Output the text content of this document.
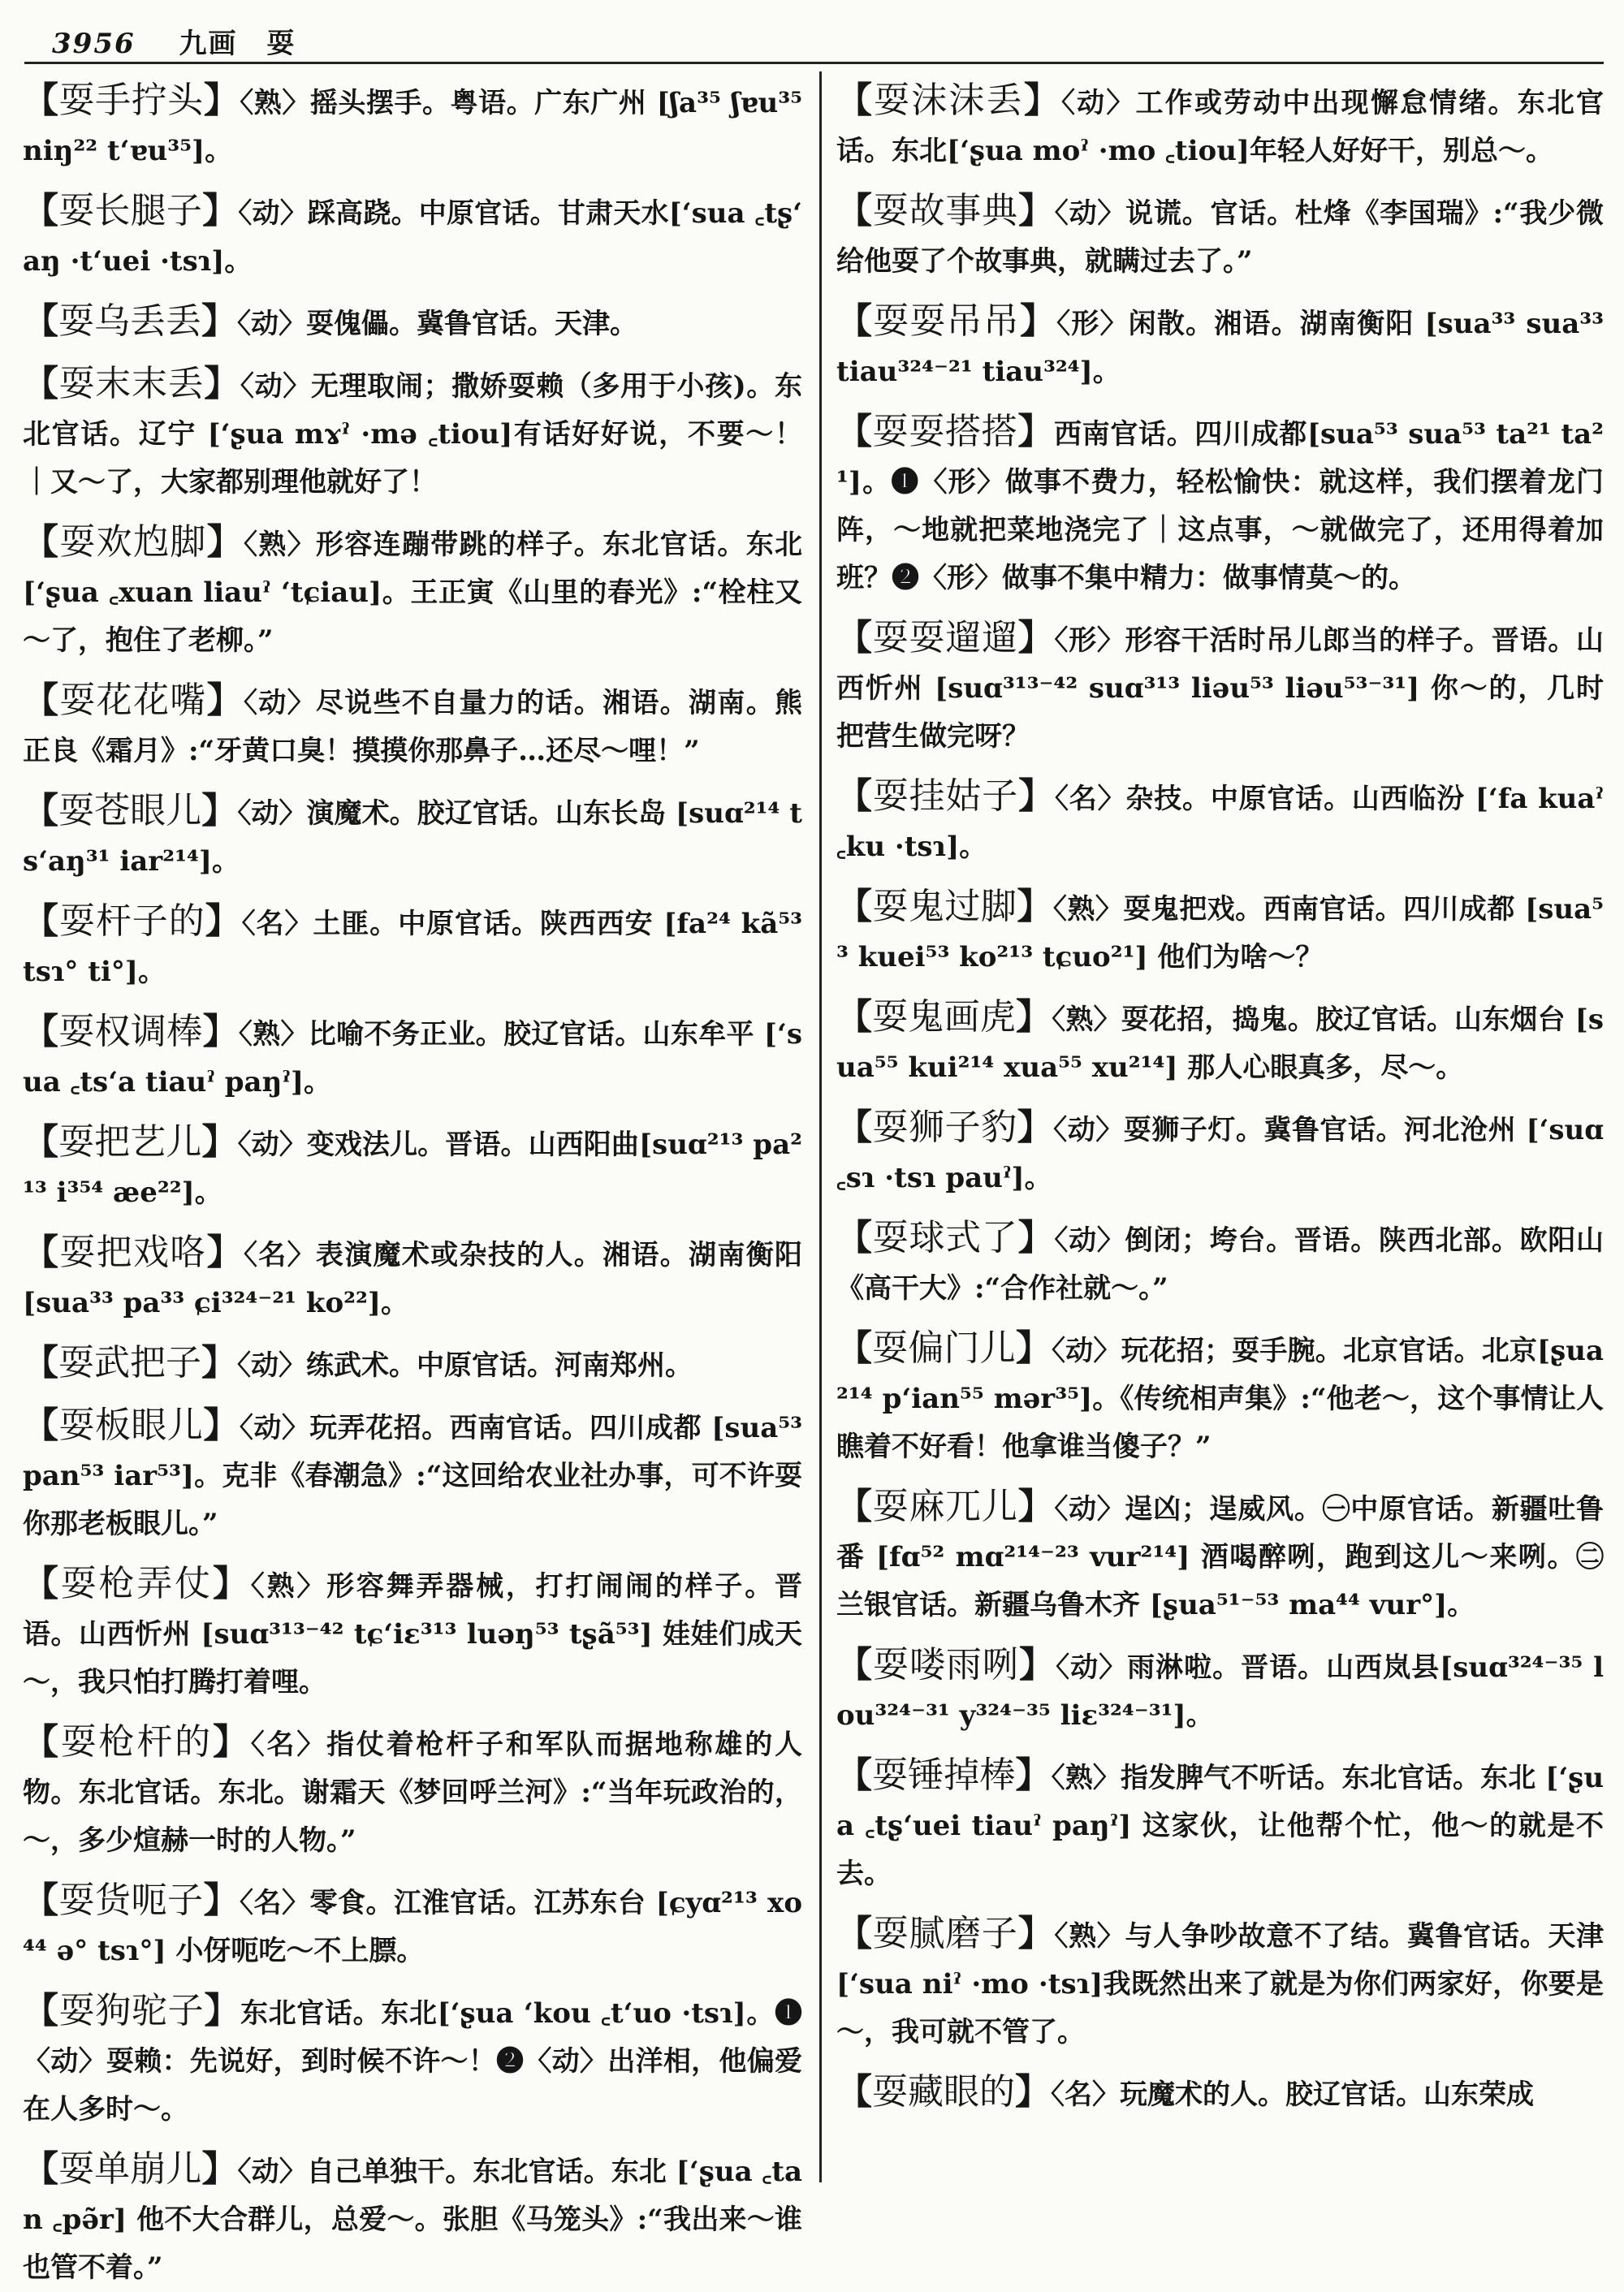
3956 九画 耍

【耍手拧头】〈熟〉摇头摆手。粤语。广东广州 [ʃa³⁵ ʃɐu³⁵ niŋ²² tʻɐu³⁵]。

【耍长腿子】〈动〉踩高跷。中原官话。甘肃天水[ʻsua ꜀tʂʻaŋ ·tʻuei ·tsɿ]。

【耍乌丢丢】〈动〉耍傀儡。冀鲁官话。天津。

【耍末末丢】〈动〉无理取闹；撒娇耍赖（多用于小孩)。东北官话。辽宁 [ʻʂua mɤˀ ·mə ꜀tiou]有话好好说，不要～！｜又～了，大家都别理他就好了！

【耍欢尥脚】〈熟〉形容连蹦带跳的样子。东北官话。东北 [ʻʂua ꜀xuan liauˀ ʻtɕiau]。王正寅《山里的春光》:“栓柱又～了，抱住了老柳。”

【耍花花嘴】〈动〉尽说些不自量力的话。湘语。湖南。熊正良《霜月》:“牙黄口臭！摸摸你那鼻子…还尽～哩！”

【耍苍眼儿】〈动〉演魔术。胶辽官话。山东长岛 [suɑ²¹⁴ tsʻaŋ³¹ iar²¹⁴]。

【耍杆子的】〈名〉土匪。中原官话。陕西西安 [fa²⁴ kã⁵³ tsɿ° ti°]。

【耍权调棒】〈熟〉比喻不务正业。胶辽官话。山东牟平 [ʻsua ꜀tsʻa tiauˀ paŋˀ]。

【耍把艺儿】〈动〉变戏法儿。晋语。山西阳曲[suɑ²¹³ pa²¹³ i³⁵⁴ æe²²]。

【耍把戏咯】〈名〉表演魔术或杂技的人。湘语。湖南衡阳 [sua³³ pa³³ ɕi³²⁴⁻²¹ ko²²]。

【耍武把子】〈动〉练武术。中原官话。河南郑州。

【耍板眼儿】〈动〉玩弄花招。西南官话。四川成都 [sua⁵³ pan⁵³ iar⁵³]。克非《春潮急》:“这回给农业社办事，可不许耍你那老板眼儿。”

【耍枪弄仗】〈熟〉形容舞弄器械，打打闹闹的样子。晋语。山西忻州 [suɑ³¹³⁻⁴² tɕʻiɛ³¹³ luəŋ⁵³ tʂã⁵³] 娃娃们成天～，我只怕打腾打着哩。

【耍枪杆的】〈名〉指仗着枪杆子和军队而据地称雄的人物。东北官话。东北。谢霜天《梦回呼兰河》:“当年玩政治的，～，多少煊赫一时的人物。”

【耍货呃子】〈名〉零食。江淮官话。江苏东台 [ɕyɑ²¹³ xo⁴⁴ ə° tsɿ°] 小伢呃吃～不上膘。

【耍狗驼子】东北官话。东北[ʻʂua ʻkou ꜀tʻuo ·tsɿ]。❶〈动〉耍赖：先说好，到时候不许～！❷〈动〉出洋相，他偏爱在人多时～。

【耍单崩儿】〈动〉自己单独干。东北官话。东北 [ʻʂua ꜀tan ꜀pə̃r] 他不大合群儿，总爱～。张胆《马笼头》:“我出来～谁也管不着。”

【耍沫沫丢】〈动〉工作或劳动中出现懈怠情绪。东北官话。东北[ʻʂua moˀ ·mo ꜀tiou]年轻人好好干，别总～。

【耍故事典】〈动〉说谎。官话。杜烽《李国瑞》:“我少微给他耍了个故事典，就瞒过去了。”

【耍耍吊吊】〈形〉闲散。湘语。湖南衡阳 [sua³³ sua³³ tiau³²⁴⁻²¹ tiau³²⁴]。

【耍耍搭搭】西南官话。四川成都[sua⁵³ sua⁵³ ta²¹ ta²¹]。❶〈形〉做事不费力，轻松愉快：就这样，我们摆着龙门阵，～地就把菜地浇完了｜这点事，～就做完了，还用得着加班？❷〈形〉做事不集中精力：做事情莫～的。

【耍耍遛遛】〈形〉形容干活时吊儿郎当的样子。晋语。山西忻州 [suɑ³¹³⁻⁴² suɑ³¹³ liəu⁵³ liəu⁵³⁻³¹] 你～的，几时把营生做完呀？

【耍挂姑子】〈名〉杂技。中原官话。山西临汾 [ʻfa kuaˀ ꜀ku ·tsɿ]。

【耍鬼过脚】〈熟〉耍鬼把戏。西南官话。四川成都 [sua⁵³ kuei⁵³ ko²¹³ tɕuo²¹] 他们为啥～？

【耍鬼画虎】〈熟〉耍花招，捣鬼。胶辽官话。山东烟台 [sua⁵⁵ kui²¹⁴ xua⁵⁵ xu²¹⁴] 那人心眼真多，尽～。

【耍狮子豹】〈动〉耍狮子灯。冀鲁官话。河北沧州 [ʻsuɑ ꜀sɿ ·tsɿ pauˀ]。

【耍球式了】〈动〉倒闭；垮台。晋语。陕西北部。欧阳山《高干大》:“合作社就～。”

【耍偏门儿】〈动〉玩花招；耍手腕。北京官话。北京[ʂua²¹⁴ pʻian⁵⁵ mər³⁵]。《传统相声集》:“他老～，这个事情让人瞧着不好看！他拿谁当傻子？”

【耍麻兀儿】〈动〉逞凶；逞威风。㊀中原官话。新疆吐鲁番 [fɑ⁵² mɑ²¹⁴⁻²³ vur²¹⁴] 酒喝醉咧，跑到这儿～来咧。㊁兰银官话。新疆乌鲁木齐 [ʂua⁵¹⁻⁵³ ma⁴⁴ vur°]。

【耍喽雨咧】〈动〉雨淋啦。晋语。山西岚县[suɑ³²⁴⁻³⁵ lou³²⁴⁻³¹ y³²⁴⁻³⁵ liɛ³²⁴⁻³¹]。

【耍锤掉棒】〈熟〉指发脾气不听话。东北官话。东北 [ʻʂua ꜀tʂʻuei tiauˀ paŋˀ] 这家伙，让他帮个忙，他～的就是不去。

【耍腻磨子】〈熟〉与人争吵故意不了结。冀鲁官话。天津[ʻsua niˀ ·mo ·tsɿ]我既然出来了就是为你们两家好，你要是～，我可就不管了。

【耍藏眼的】〈名〉玩魔术的人。胶辽官话。山东荣成
